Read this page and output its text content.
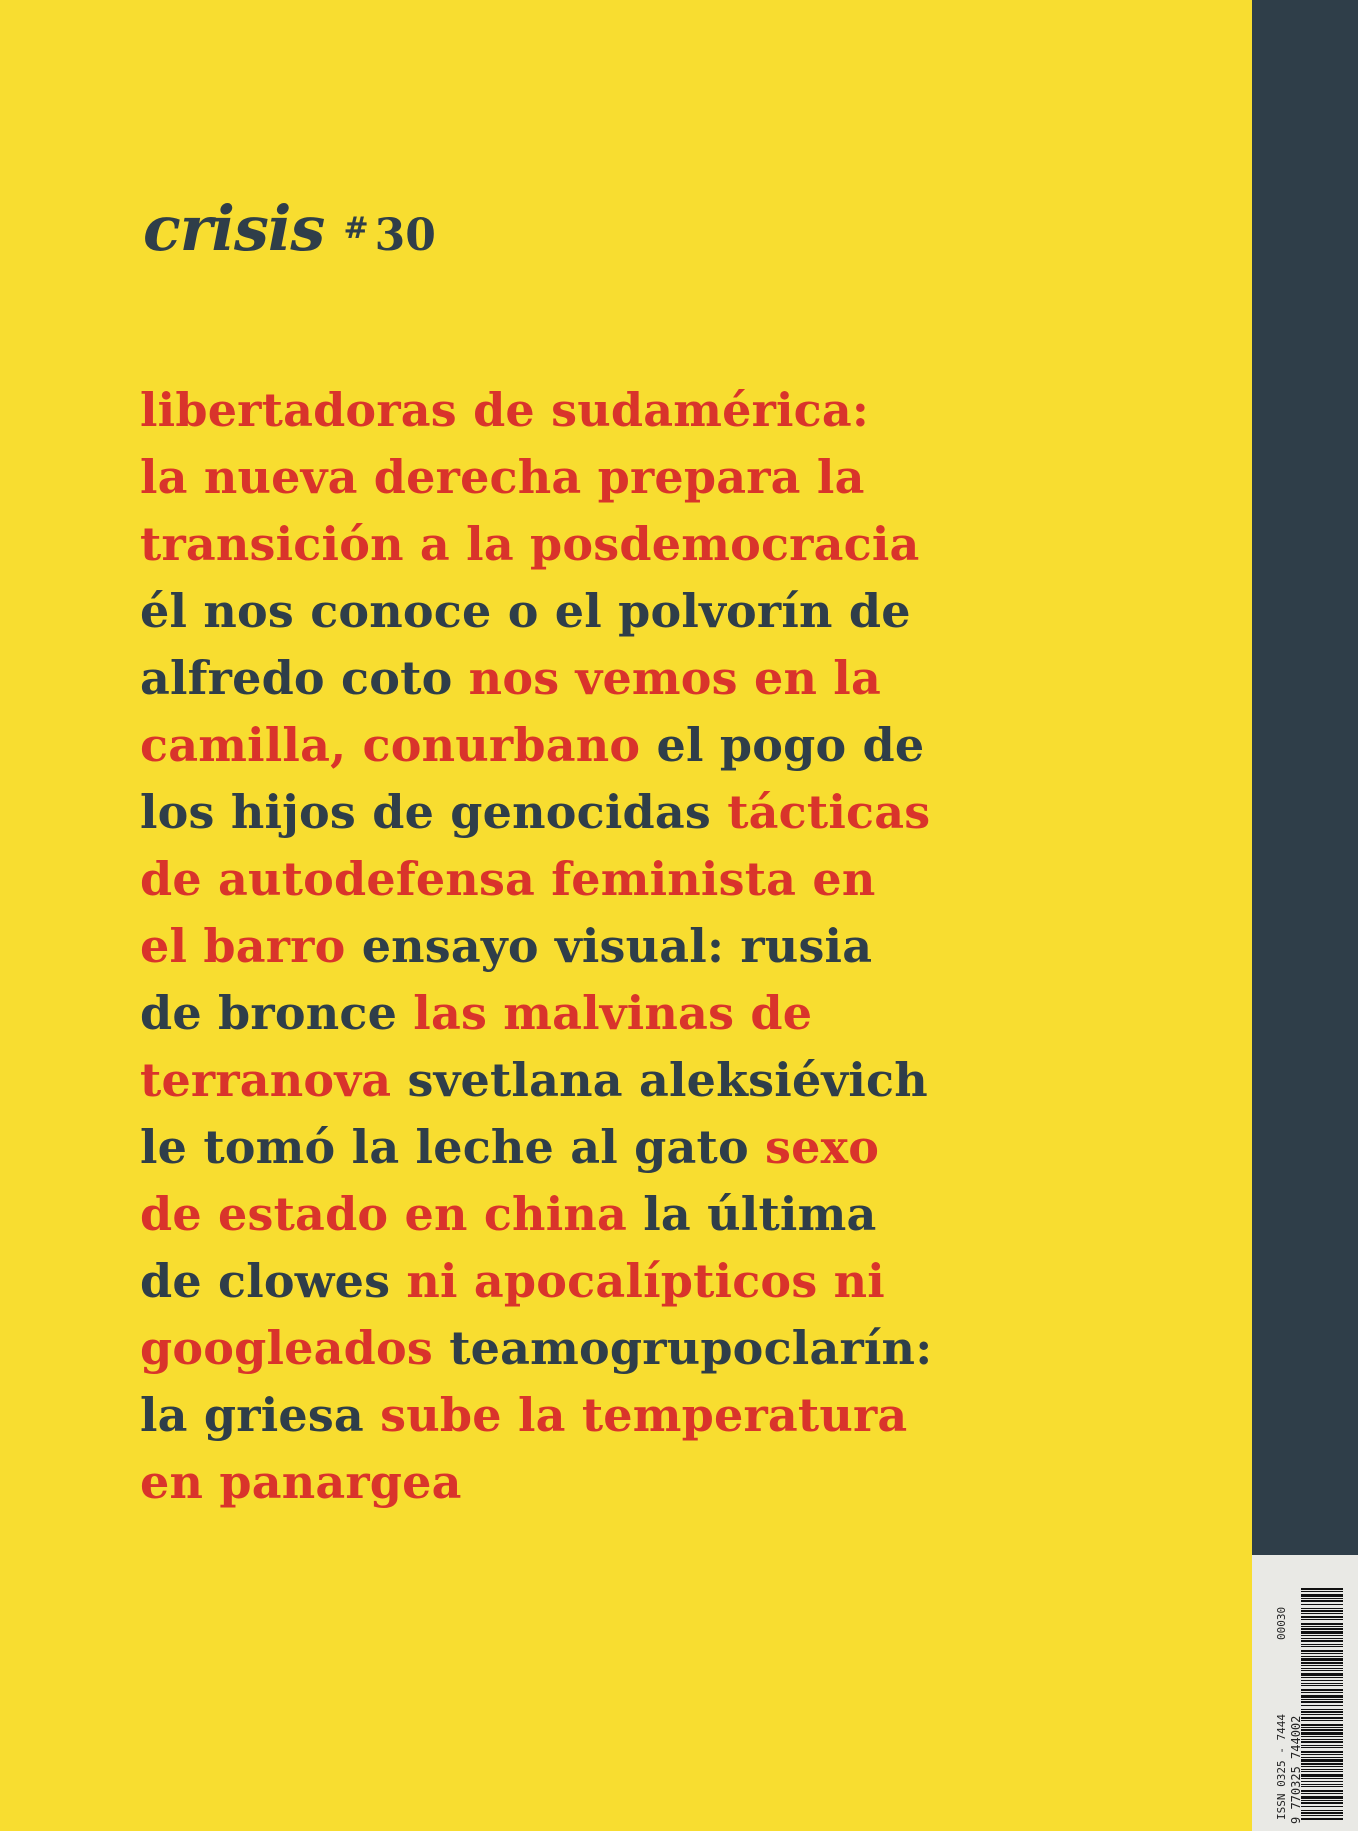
crisis # 30
libertadoras de sudamérica:
la nueva derecha prepara la
transición a la posdemocracia
él nos conoce o el polvorín de
alfredo coto nos vemos en la
camilla, conurbano el pogo de
los hijos de genocidas tácticas
de autodefensa feminista en
el barro ensayo visual: rusia
de bronce las malvinas de
terranova svetlana aleksiévich
le tomó la leche al gato sexo
de estado en china la última
de clowes ni apocalípticos ni
googleados teamogrupoclarín:
la griesa sube la temperatura
en panargea
ISSN 0325 - 7444
00030
9 770325 744002
